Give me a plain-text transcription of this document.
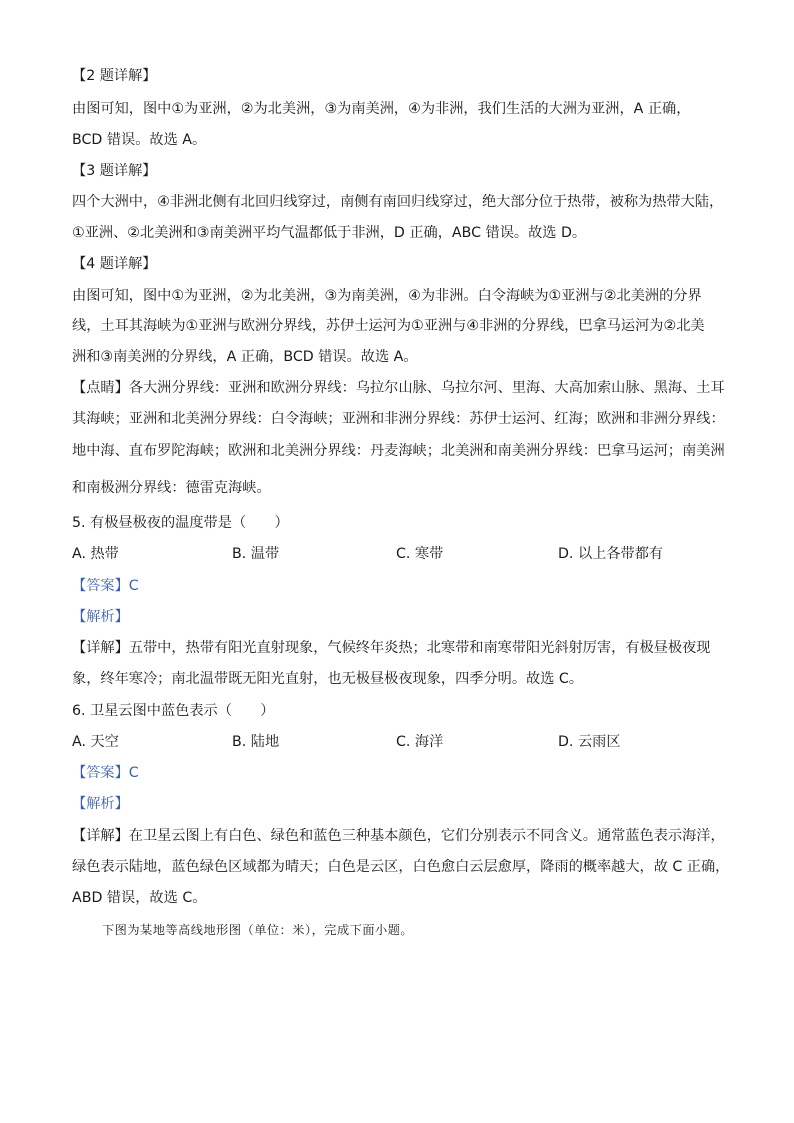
【2 题详解】
由图可知，图中①为亚洲，②为北美洲，③为南美洲，④为非洲，我们生活的大洲为亚洲，A 正确，
BCD 错误。故选 A。
【3 题详解】
四个大洲中，④非洲北侧有北回归线穿过，南侧有南回归线穿过，绝大部分位于热带，被称为热带大陆，
①亚洲、②北美洲和③南美洲平均气温都低于非洲，D 正确，ABC 错误。故选 D。
【4 题详解】
由图可知，图中①为亚洲，②为北美洲，③为南美洲，④为非洲。白令海峡为①亚洲与②北美洲的分界
线，土耳其海峡为①亚洲与欧洲分界线，苏伊士运河为①亚洲与④非洲的分界线，巴拿马运河为②北美
洲和③南美洲的分界线，A 正确，BCD 错误。故选 A。
【点睛】各大洲分界线：亚洲和欧洲分界线：乌拉尔山脉、乌拉尔河、里海、大高加索山脉、黑海、土耳
其海峡；亚洲和北美洲分界线：白令海峡；亚洲和非洲分界线：苏伊士运河、红海；欧洲和非洲分界线：
地中海、直布罗陀海峡；欧洲和北美洲分界线：丹麦海峡；北美洲和南美洲分界线：巴拿马运河；南美洲
和南极洲分界线：德雷克海峡。
5. 有极昼极夜的温度带是（　　）
A. 热带	B. 温带	C. 寒带	D. 以上各带都有
【答案】C
【解析】
【详解】五带中，热带有阳光直射现象，气候终年炎热；北寒带和南寒带阳光斜射厉害，有极昼极夜现
象，终年寒冷；南北温带既无阳光直射，也无极昼极夜现象，四季分明。故选 C。
6. 卫星云图中蓝色表示（　　）
A. 天空	B. 陆地	C. 海洋	D. 云雨区
【答案】C
【解析】
【详解】在卫星云图上有白色、绿色和蓝色三种基本颜色，它们分别表示不同含义。通常蓝色表示海洋，
绿色表示陆地，蓝色绿色区域都为晴天；白色是云区，白色愈白云层愈厚，降雨的概率越大，故 C 正确，
ABD 错误，故选 C。
下图为某地等高线地形图（单位：米），完成下面小题。
